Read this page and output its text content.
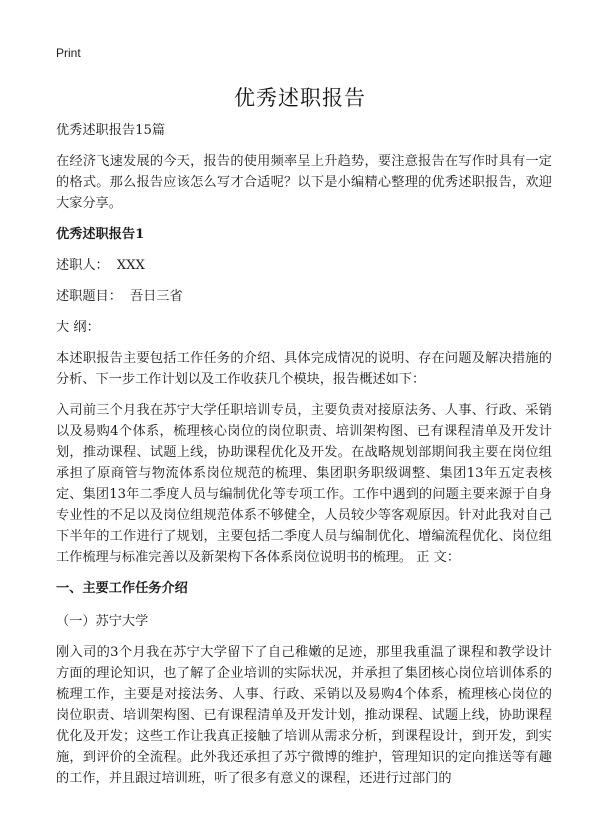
Print
优秀述职报告

优秀述职报告15篇

在经济飞速发展的今天，报告的使用频率呈上升趋势，要注意报告在写作时具有一定的格式。那么报告应该怎么写才合适呢？以下是小编精心整理的优秀述职报告，欢迎大家分享。

优秀述职报告1

述职人： XXX

述职题目： 吾日三省

大 纲：

本述职报告主要包括工作任务的介绍、具体完成情况的说明、存在问题及解决措施的分析、下一步工作计划以及工作收获几个模块，报告概述如下：

入司前三个月我在苏宁大学任职培训专员，主要负责对接原法务、人事、行政、采销以及易购4个体系，梳理核心岗位的岗位职责、培训架构图、已有课程清单及开发计划，推动课程、试题上线，协助课程优化及开发。在战略规划部期间我主要在岗位组承担了原商管与物流体系岗位规范的梳理、集团职务职级调整、集团13年五定表核定、集团13年二季度人员与编制优化等专项工作。工作中遇到的问题主要来源于自身专业性的不足以及岗位组规范体系不够健全，人员较少等客观原因。针对此我对自己下半年的工作进行了规划，主要包括二季度人员与编制优化、增编流程优化、岗位组工作梳理与标准完善以及新架构下各体系岗位说明书的梳理。 正 文：

一、主要工作任务介绍

（一）苏宁大学

刚入司的3个月我在苏宁大学留下了自己稚嫩的足迹，那里我重温了课程和教学设计方面的理论知识，也了解了企业培训的实际状况，并承担了集团核心岗位培训体系的梳理工作，主要是对接法务、人事、行政、采销以及易购4个体系，梳理核心岗位的岗位职责、培训架构图、已有课程清单及开发计划，推动课程、试题上线，协助课程优化及开发；这些工作让我真正接触了培训从需求分析，到课程设计，到开发，到实施，到评价的全流程。此外我还承担了苏宁微博的维护，管理知识的定向推送等有趣的工作，并且跟过培训班，听了很多有意义的课程，还进行过部门的
